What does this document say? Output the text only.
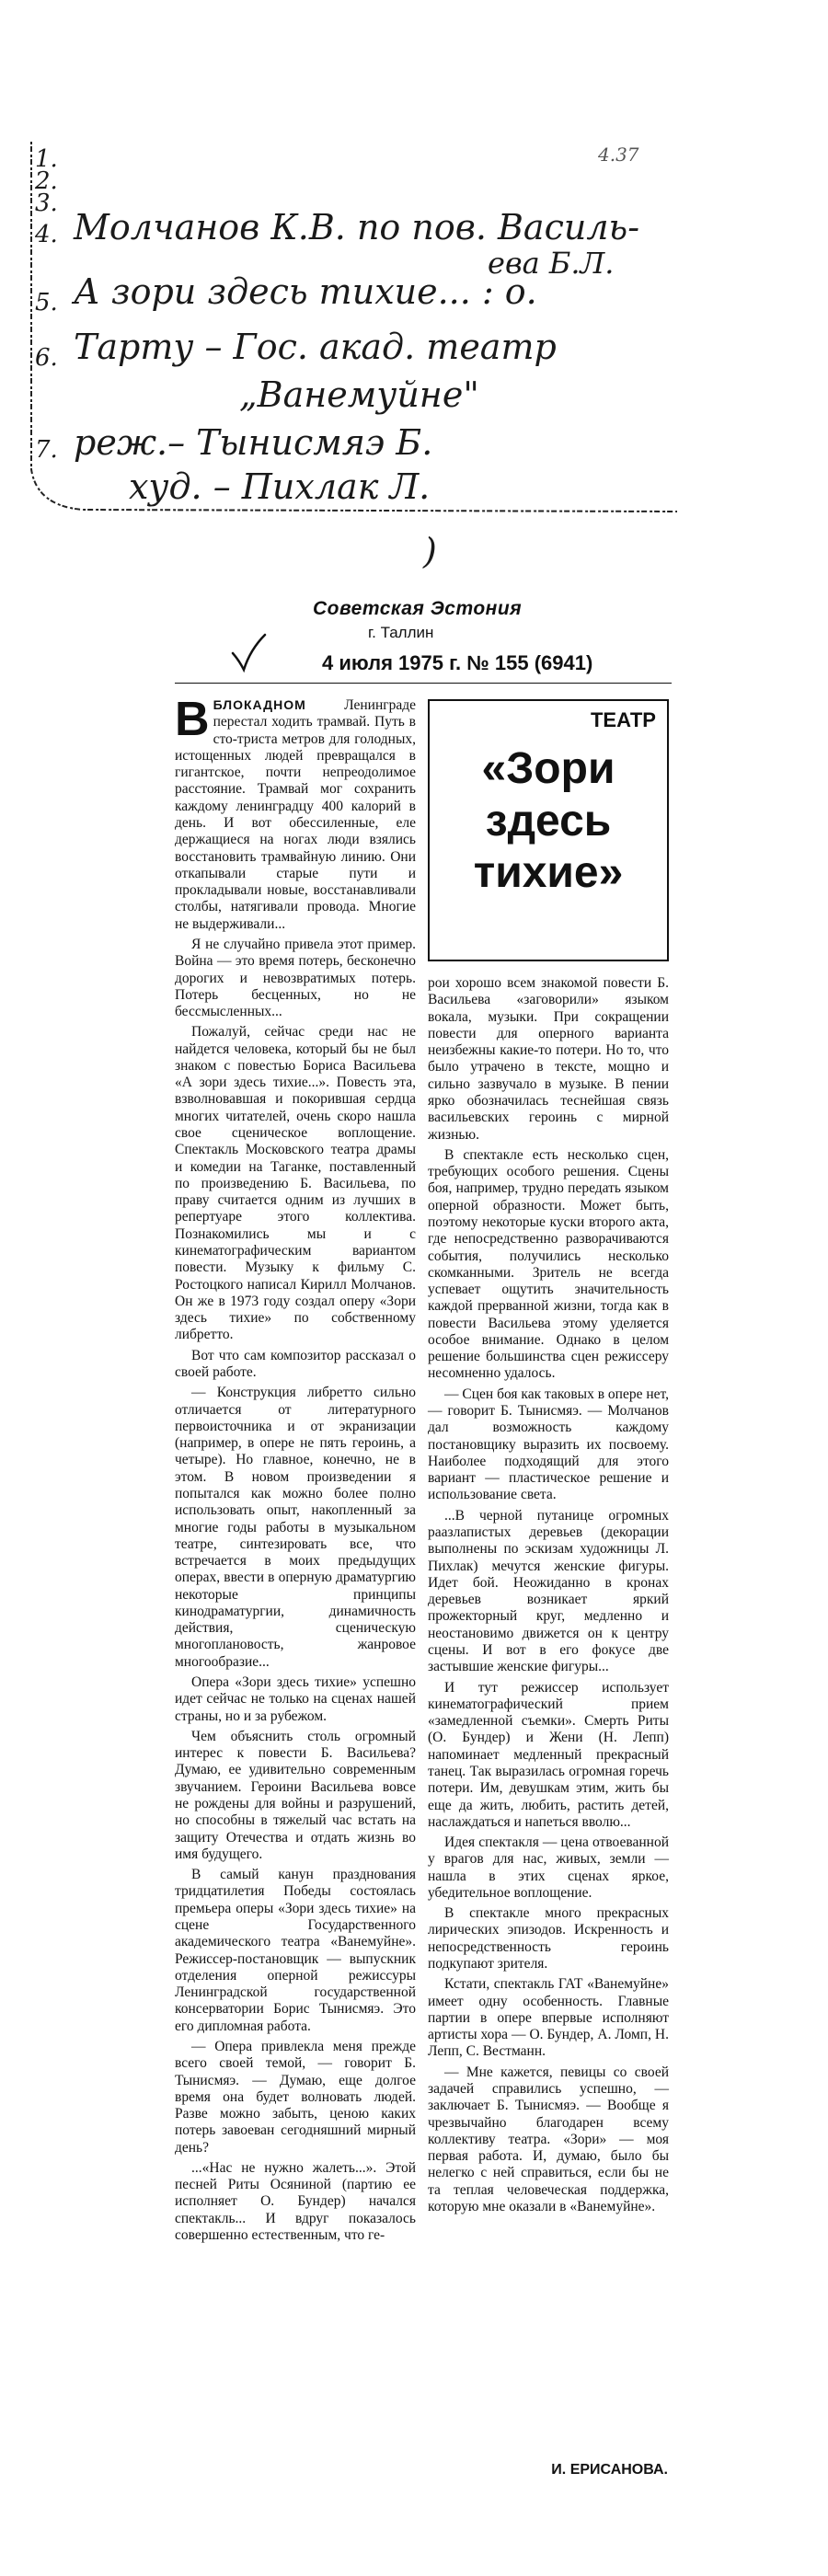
1.
2.
3.
4. Молчанов К.В. по пов. Василь-
ева Б.Л.
5. А зори здесь тихие... : о.
6. Тарту – Гос. акад. театр
„Ванемуйне"
7. реж.– Тынисмяэ Б.
худ. – Пихлак Л.
)
4.37
Советская Эстония
г. Таллин
4 июля 1975 г. № 155 (6941)
ТЕАТР
«Зори здесь тихие»

ВБЛОКАДНОМ	Ленинграде перестал ходить трамвай. Путь в сто-триста метров для голодных, истощенных людей превращался в гигантское, почти непреодолимое расстояние. Трамвай мог сохранить каждому ленинградцу 400 калорий в день. И вот обессиленные, еле держащиеся на ногах люди взялись восстановить трамвайную линию. Они откапывали старые пути и прокладывали новые, восстанавливали столбы, натягивали провода. Многие не выдерживали...

Я не случайно привела этот пример. Война — это время потерь, бесконечно дорогих и невозвратимых потерь. Потерь бесценных, но не бессмысленных...

Пожалуй, сейчас среди нас не найдется человека, который бы не был знаком с повестью Бориса Васильева «А зори здесь тихие...». Повесть эта, взволновавшая и покорившая сердца многих читателей, очень скоро нашла свое сценическое воплощение. Спектакль Московского театра драмы и комедии на Таганке, поставленный по произведению Б. Васильева, по праву считается одним из лучших в репертуаре этого коллектива. Познакомились мы и с кинематографическим вариантом повести. Музыку к фильму С. Ростоцкого написал Кирилл Молчанов. Он же в 1973 году создал оперу «Зори здесь тихие» по собственному либретто.

Вот что сам композитор рассказал о своей работе.

— Конструкция либретто сильно отличается от литературного первоисточника и от экранизации (например, в опере не пять героинь, а четыре). Но главное, конечно, не в этом. В новом произведении я попытался как можно более полно использовать опыт, накопленный за многие годы работы в музыкальном театре, синтезировать все, что встречается в моих предыдущих операх, ввести в оперную драматургию некоторые принципы кинодраматургии, динамичность действия, сценическую многоплановость, жанровое многообразие...

Опера «Зори здесь тихие» успешно идет сейчас не только на сценах нашей страны, но и за рубежом.

Чем объяснить столь огромный интерес к повести Б. Васильева? Думаю, ее удивительно современным звучанием. Героини Васильева вовсе не рождены для войны и разрушений, но способны в тяжелый час встать на защиту Отечества и отдать жизнь во имя будущего.

В самый канун празднования тридцатилетия Победы состоялась премьера оперы «Зори здесь тихие» на сцене Государственного академического театра «Ванемуйне». Режиссер-постановщик — выпускник отделения оперной режиссуры Ленинградской государственной консерватории Борис Тынисмяэ. Это его дипломная работа.

— Опера привлекла меня прежде всего своей темой, — говорит Б. Тынисмяэ. — Думаю, еще долгое время она будет волновать людей. Разве можно забыть, ценою каких потерь завоеван сегодняшний мирный день?

...«Нас не нужно жалеть...». Этой песней Риты Осяниной (партию ее исполняет О. Бундер) начался спектакль... И вдруг показалось совершенно естественным, что ге-

рои хорошо всем знакомой повести Б. Васильева «заговорили» языком вокала, музыки. При сокращении повести для оперного варианта неизбежны какие-то потери. Но то, что было утрачено в тексте, мощно и сильно зазвучало в музыке. В пении ярко обозначилась теснейшая связь васильевских героинь с мирной жизнью.

В спектакле есть несколько сцен, требующих особого решения. Сцены боя, например, трудно передать языком оперной образности. Может быть, поэтому некоторые куски второго акта, где непосредственно разворачиваются события, получились несколько скомканными. Зритель не всегда успевает ощутить значительность каждой прерванной жизни, тогда как в повести Васильева этому уделяется особое внимание. Однако в целом решение большинства сцен режиссеру несомненно удалось.

— Сцен боя как таковых в опере нет, — говорит Б. Тынисмяэ. — Молчанов дал возможность каждому постановщику выразить их посвоему. Наиболее подходящий для этого вариант — пластическое решение и использование света.

...В черной путанице огромных раазлапистых деревьев (декорации выполнены по эскизам художницы Л. Пихлак) мечутся женские фигуры. Идет бой. Неожиданно в кронах деревьев возникает яркий прожекторный круг, медленно и неостановимо движется он к центру сцены. И вот в его фокусе две застывшие женские фигуры...

И тут режиссер использует кинематографический прием «замедленной съемки». Смерть Риты (О. Бундер) и Жени (Н. Лепп) напоминает медленный прекрасный танец. Так выразилась огромная горечь потери. Им, девушкам этим, жить бы еще да жить, любить, растить детей, наслаждаться и напеться вволю...

Идея спектакля — цена отвоеванной у врагов для нас, живых, земли — нашла в этих сценах яркое, убедительное воплощение.

В спектакле много прекрасных лирических эпизодов. Искренность и непосредственность героинь подкупают зрителя.

Кстати, спектакль ГАТ «Ванемуйне» имеет одну особенность. Главные партии в опере впервые исполняют артисты хора — О. Бундер, А. Ломп, Н. Лепп, С. Вестманн.

— Мне кажется, певицы со своей задачей справились успешно, — заключает Б. Тынисмяэ. — Вообще я чрезвычайно благодарен всему коллективу театра. «Зори» — моя первая работа. И, думаю, было бы нелегко с ней справиться, если бы не та теплая человеческая поддержка, которую мне оказали в «Ванемуйне».

И. ЕРИСАНОВА.
